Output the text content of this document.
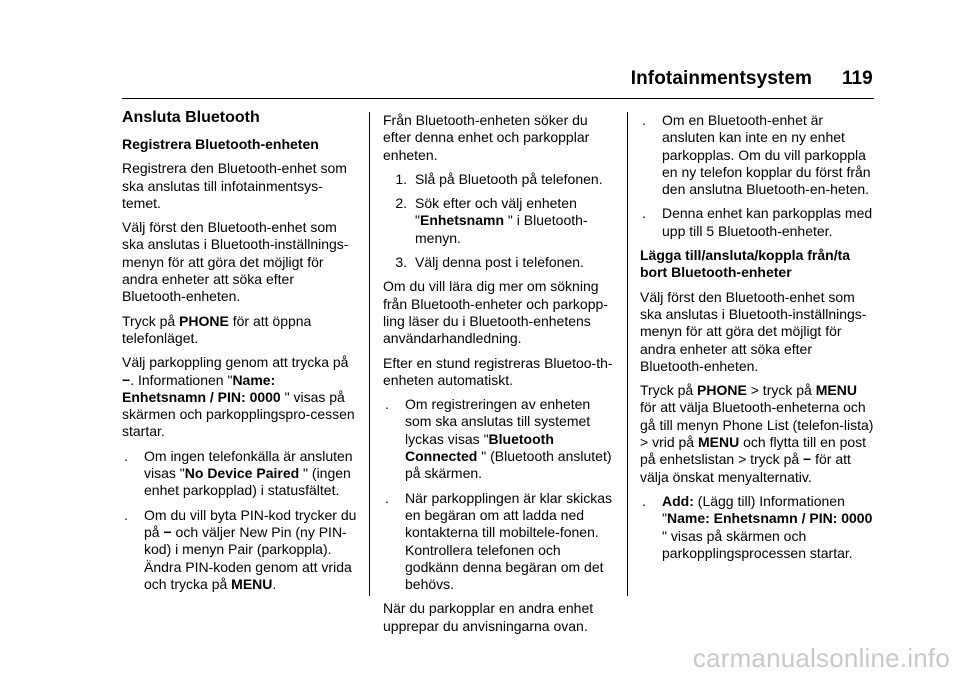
Infotainmentsystem 119
Ansluta Bluetooth
Registrera Bluetooth-enheten

Registrera den Bluetooth-enhet som ska anslutas till infotainmentsys-temet.

Välj först den Bluetooth-enhet som ska anslutas i Bluetooth-inställnings-menyn för att göra det möjligt för andra enheter att söka efter Bluetooth-enheten.

Tryck på PHONE för att öppna telefonläget.

Välj parkoppling genom att trycka på −. Informationen "Name: Enhetsnamn / PIN: 0000 " visas på skärmen och parkopplingspro-cessen startar.

.	Om ingen telefonkälla är ansluten visas "No Device Paired " (ingen enhet parkopplad) i statusfältet.
.	Om du vill byta PIN-kod trycker du på − och väljer New Pin (ny PIN-kod) i menyn Pair (parkoppla). Ändra PIN-koden genom att vrida och trycka på MENU.

Från Bluetooth-enheten söker du efter denna enhet och parkopplar enheten.

1. Slå på Bluetooth på telefonen.
2. Sök efter och välj enheten "Enhetsnamn " i Bluetooth-menyn.
3. Välj denna post i telefonen.

Om du vill lära dig mer om sökning från Bluetooth-enheter och parkopp-ling läser du i Bluetooth-enhetens användarhandledning.

Efter en stund registreras Bluetoo-th-enheten automatiskt.

.	Om registreringen av enheten som ska anslutas till systemet lyckas visas "Bluetooth Connected " (Bluetooth anslutet) på skärmen.
.	När parkopplingen är klar skickas en begäran om att ladda ned kontakterna till mobiltele-fonen. Kontrollera telefonen och godkänn denna begäran om det behövs.

När du parkopplar en andra enhet upprepar du anvisningarna ovan.

.	Om en Bluetooth-enhet är ansluten kan inte en ny enhet parkopplas. Om du vill parkoppla en ny telefon kopplar du först från den anslutna Bluetooth-en-heten.
.	Denna enhet kan parkopplas med upp till 5 Bluetooth-enheter.
Lägga till/ansluta/koppla från/ta bort Bluetooth-enheter

Välj först den Bluetooth-enhet som ska anslutas i Bluetooth-inställnings-menyn för att göra det möjligt för andra enheter att söka efter Bluetooth-enheten.

Tryck på PHONE > tryck på MENU för att välja Bluetooth-enheterna och gå till menyn Phone List (telefon-lista) > vrid på MENU och flytta till en post på enhetslistan > tryck på − för att välja önskat menyalternativ.

.	Add: (Lägg till) Informationen "Name: Enhetsnamn / PIN: 0000 " visas på skärmen och parkopplingsprocessen startar.
carmanualsonline.info
